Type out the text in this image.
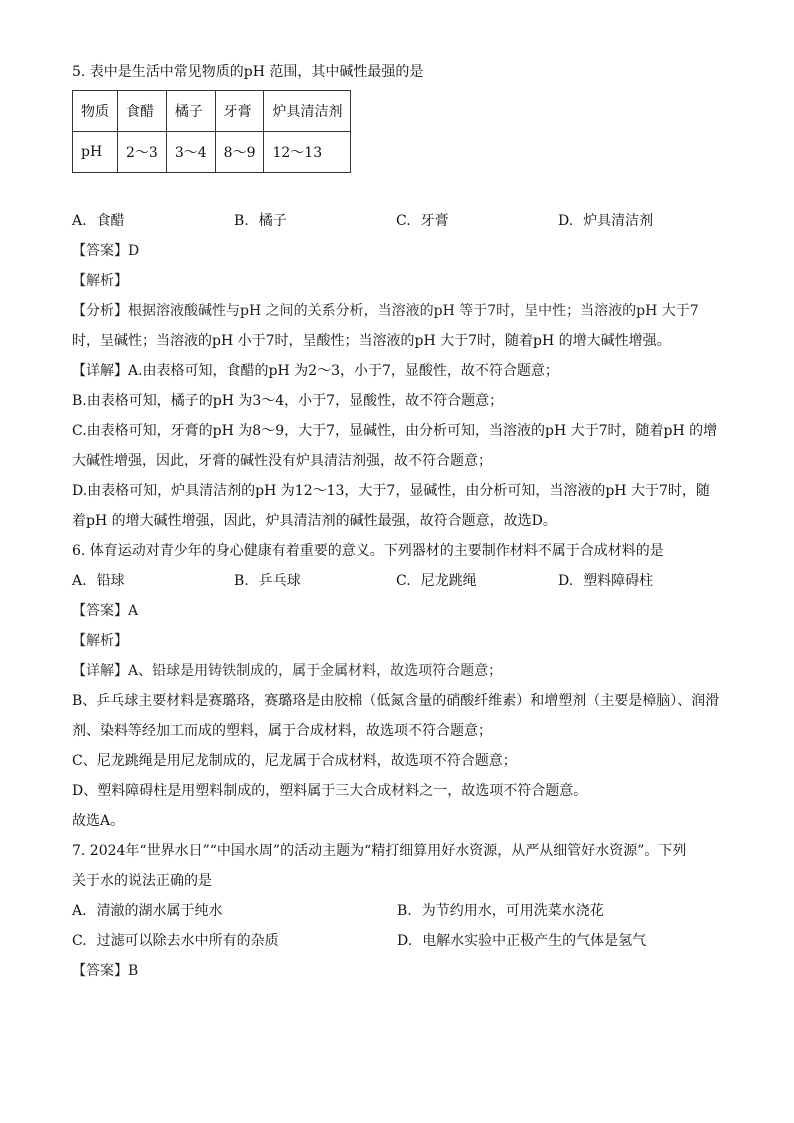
5. 表中是生活中常见物质的pH 范围，其中碱性最强的是

物质	食醋	橘子	牙膏	炉具清洁剂
pH	2～3	3～4	8～9	12～13
A. 食醋	B. 橘子	C. 牙膏	D. 炉具清洁剂

【答案】D

【解析】

【分析】根据溶液酸碱性与pH 之间的关系分析，当溶液的pH 等于7时，呈中性；当溶液的pH 大于7

时，呈碱性；当溶液的pH 小于7时，呈酸性；当溶液的pH 大于7时，随着pH 的增大碱性增强。

【详解】A.由表格可知，食醋的pH 为2～3，小于7，显酸性，故不符合题意；

B.由表格可知，橘子的pH 为3～4，小于7，显酸性，故不符合题意；

C.由表格可知，牙膏的pH 为8～9，大于7，显碱性，由分析可知，当溶液的pH 大于7时，随着pH 的增

大碱性增强，因此，牙膏的碱性没有炉具清洁剂强，故不符合题意；

D.由表格可知，炉具清洁剂的pH 为12～13，大于7，显碱性，由分析可知，当溶液的pH 大于7时，随

着pH 的增大碱性增强，因此，炉具清洁剂的碱性最强，故符合题意，故选D。

6. 体育运动对青少年的身心健康有着重要的意义。下列器材的主要制作材料不属于合成材料的是

A. 铅球	B. 乒乓球	C. 尼龙跳绳	D. 塑料障碍柱

【答案】A

【解析】

【详解】A、铅球是用铸铁制成的，属于金属材料，故选项符合题意；

B、乒乓球主要材料是赛璐珞，赛璐珞是由胶棉（低氮含量的硝酸纤维素）和增塑剂（主要是樟脑）、润滑

剂、染料等经加工而成的塑料，属于合成材料，故选项不符合题意；

C、尼龙跳绳是用尼龙制成的，尼龙属于合成材料，故选项不符合题意；

D、塑料障碍柱是用塑料制成的，塑料属于三大合成材料之一，故选项不符合题意。

故选A。

7. 2024年“世界水日”“中国水周”的活动主题为“精打细算用好水资源，从严从细管好水资源”。下列

关于水的说法正确的是

A. 清澈的湖水属于纯水	B. 为节约用水，可用洗菜水浇花
C. 过滤可以除去水中所有的杂质	D. 电解水实验中正极产生的气体是氢气

【答案】B
